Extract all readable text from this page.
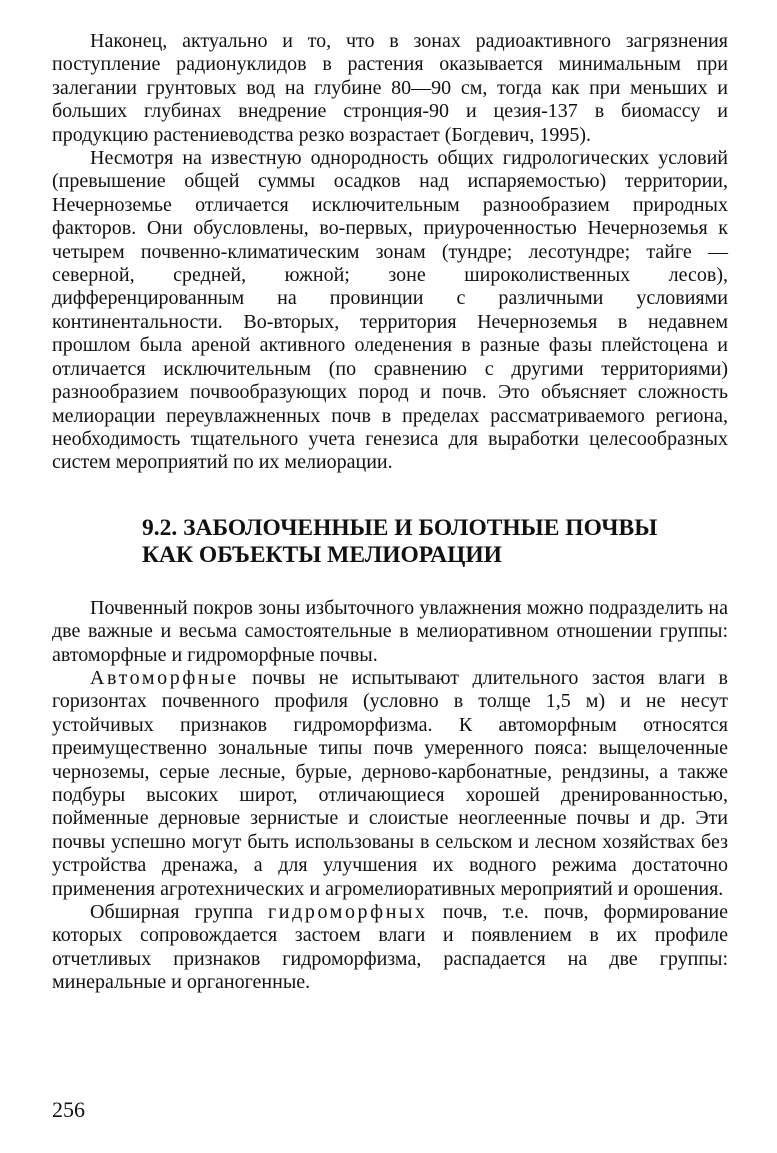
Наконец, актуально и то, что в зонах радиоактивного загрязнения поступление радионуклидов в растения оказывается минимальным при залегании грунтовых вод на глубине 80—90 см, тогда как при меньших и больших глубинах внедрение стронция-90 и цезия-137 в биомассу и продукцию растениеводства резко возрастает (Богдевич, 1995).

Несмотря на известную однородность общих гидрологических условий (превышение общей суммы осадков над испаряемостью) территории, Нечерноземье отличается исключительным разнообразием природных факторов. Они обусловлены, во-первых, приуроченностью Нечерноземья к четырем почвенно-климатическим зонам (тундре; лесотундре; тайге — северной, средней, южной; зоне широколиственных лесов), дифференцированным на провинции с различными условиями континентальности. Во-вторых, территория Нечерноземья в недавнем прошлом была ареной активного оледенения в разные фазы плейстоцена и отличается исключительным (по сравнению с другими территориями) разнообразием почвообразующих пород и почв. Это объясняет сложность мелиорации переувлажненных почв в пределах рассматриваемого региона, необходимость тщательного учета генезиса для выработки целесообразных систем мероприятий по их мелиорации.

9.2. ЗАБОЛОЧЕННЫЕ И БОЛОТНЫЕ ПОЧВЫ
КАК ОБЪЕКТЫ МЕЛИОРАЦИИ

Почвенный покров зоны избыточного увлажнения можно подразделить на две важные и весьма самостоятельные в мелиоративном отношении группы: автоморфные и гидроморфные почвы.

Автоморфные почвы не испытывают длительного застоя влаги в горизонтах почвенного профиля (условно в толще 1,5 м) и не несут устойчивых признаков гидроморфизма. К автоморфным относятся преимущественно зональные типы почв умеренного пояса: выщелоченные черноземы, серые лесные, бурые, дерново-карбонатные, рендзины, а также подбуры высоких широт, отличающиеся хорошей дренированностью, пойменные дерновые зернистые и слоистые неоглеенные почвы и др. Эти почвы успешно могут быть использованы в сельском и лесном хозяйствах без устройства дренажа, а для улучшения их водного режима достаточно применения агротехнических и агромелиоративных мероприятий и орошения.

Обширная группа гидроморфных почв, т.е. почв, формирование которых сопровождается застоем влаги и появлением в их профиле отчетливых признаков гидроморфизма, распадается на две группы: минеральные и органогенные.

256
